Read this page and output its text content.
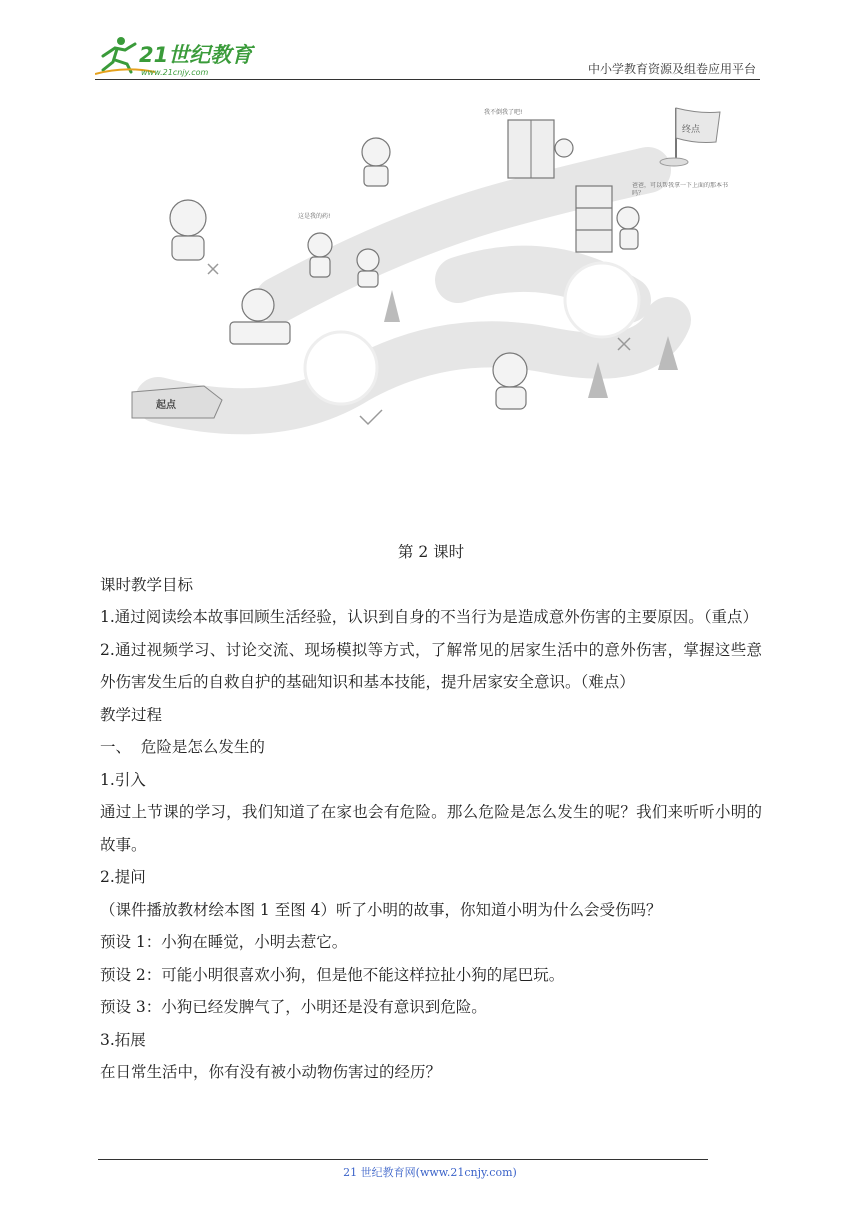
21世纪教育
www.21cnjy.com	中小学教育资源及组卷应用平台
终点
起点
我不倒我了吧!
这是我的药!
爸爸，可以帮我拿一下上面的那本书吗？

第 2 课时

课时教学目标

1.通过阅读绘本故事回顾生活经验，认识到自身的不当行为是造成意外伤害的主要原因。（重点）

2.通过视频学习、讨论交流、现场模拟等方式，了解常见的居家生活中的意外伤害，掌握这些意外伤害发生后的自救自护的基础知识和基本技能，提升居家安全意识。（难点）

教学过程

一、  危险是怎么发生的

1.引入

通过上节课的学习，我们知道了在家也会有危险。那么危险是怎么发生的呢？我们来听听小明的故事。

2.提问

（课件播放教材绘本图 1 至图 4）听了小明的故事，你知道小明为什么会受伤吗？

预设 1：小狗在睡觉，小明去惹它。

预设 2：可能小明很喜欢小狗，但是他不能这样拉扯小狗的尾巴玩。

预设 3：小狗已经发脾气了，小明还是没有意识到危险。

3.拓展

在日常生活中，你有没有被小动物伤害过的经历？

21 世纪教育网(www.21cnjy.com)
